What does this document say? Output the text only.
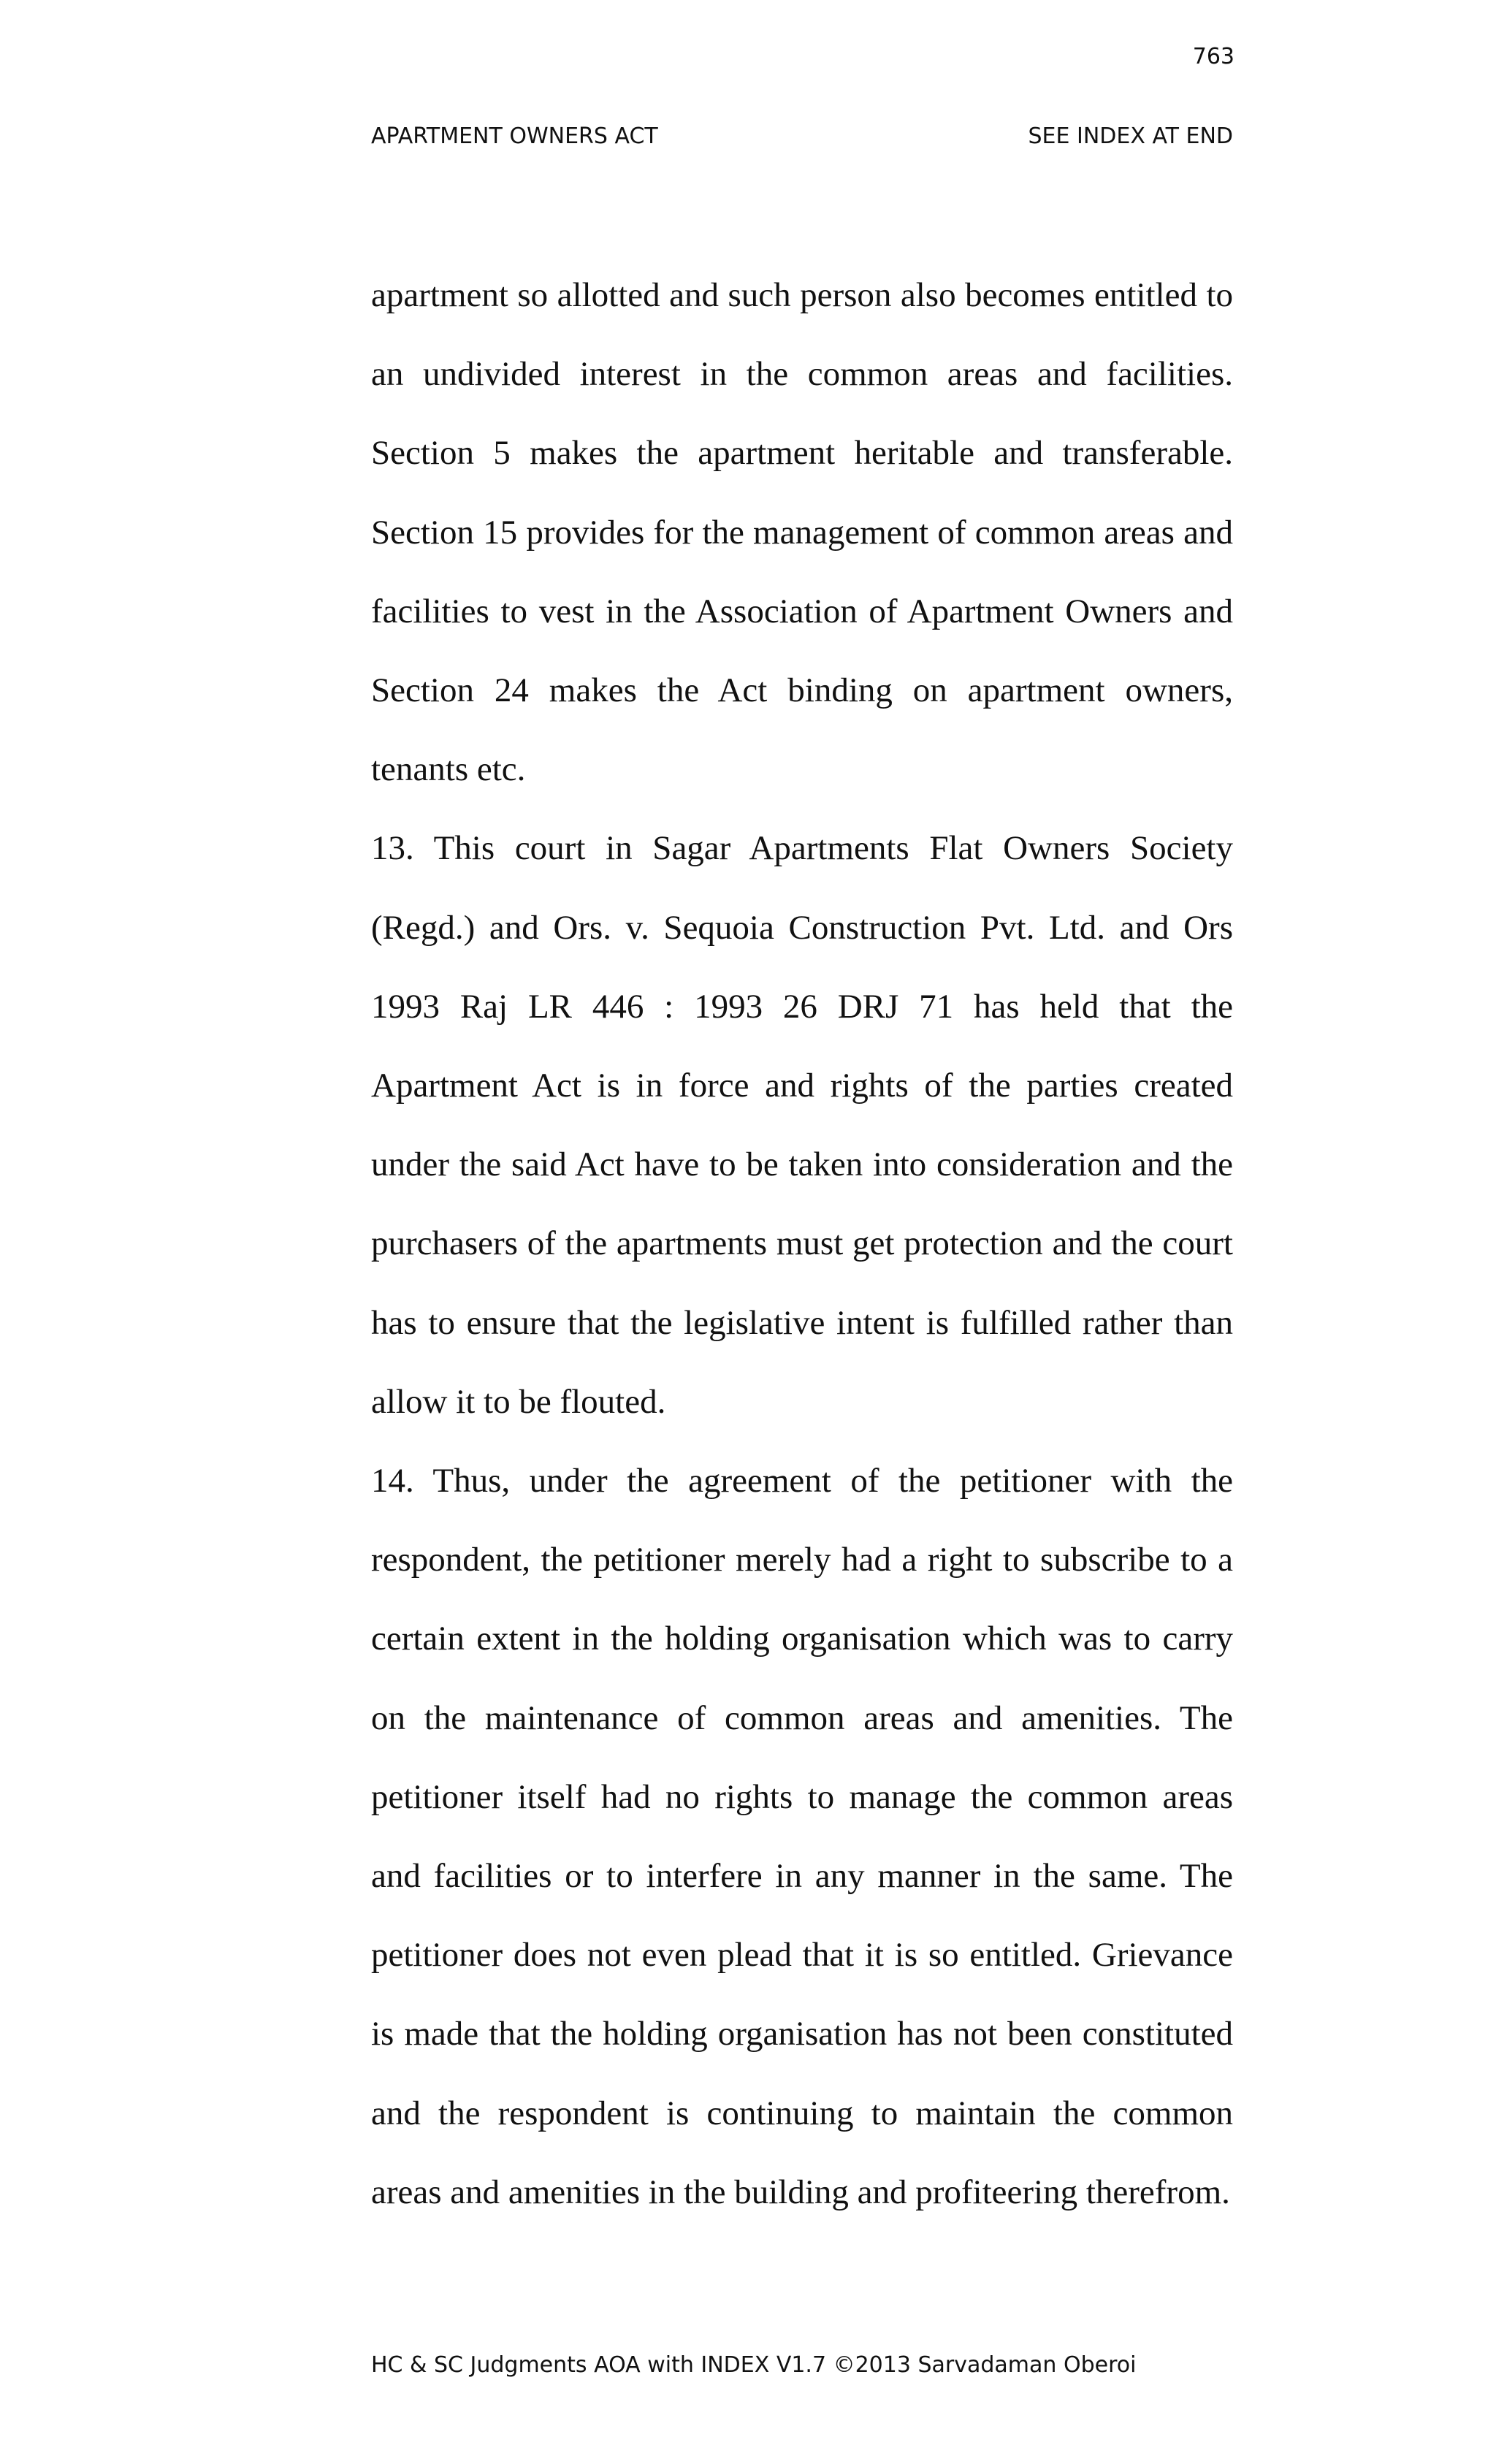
763
APARTMENT OWNERS ACT	SEE INDEX AT END

apartment so allotted and such person also becomes entitled to an undivided interest in the common areas and facilities. Section 5 makes the apartment heritable and transferable. Section 15 provides for the management of common areas and facilities to vest in the Association of Apartment Owners and Section 24 makes the Act binding on apartment owners, tenants etc.

13. This court in Sagar Apartments Flat Owners Society (Regd.) and Ors. v. Sequoia Construction Pvt. Ltd. and Ors 1993 Raj LR 446 : 1993 26 DRJ 71 has held that the Apartment Act is in force and rights of the parties created under the said Act have to be taken into consideration and the purchasers of the apartments must get protection and the court has to ensure that the legislative intent is fulfilled rather than allow it to be flouted.

14. Thus, under the agreement of the petitioner with the respondent, the petitioner merely had a right to subscribe to a certain extent in the holding organisation which was to carry on the maintenance of common areas and amenities. The petitioner itself had no rights to manage the common areas and facilities or to interfere in any manner in the same. The petitioner does not even plead that it is so entitled. Grievance is made that the holding organisation has not been constituted and the respondent is continuing to maintain the common areas and amenities in the building and profiteering therefrom.

HC & SC Judgments AOA with INDEX V1.7 ©2013 Sarvadaman Oberoi
